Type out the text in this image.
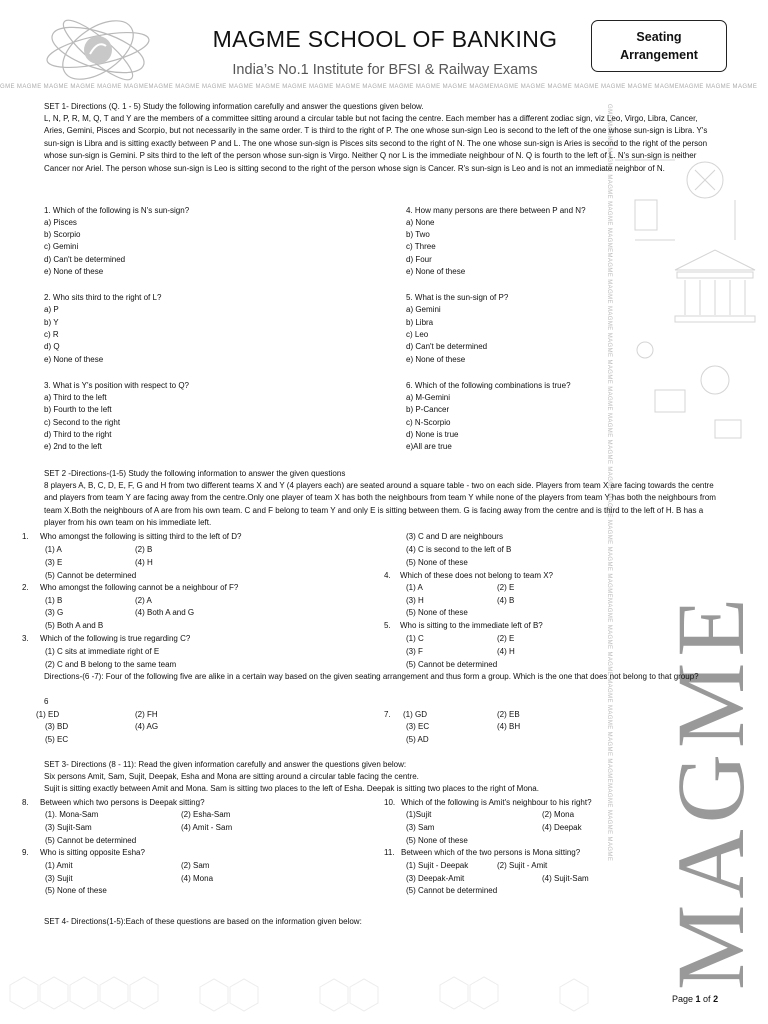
MAGME SCHOOL OF BANKING
India’s No.1 Institute for BFSI & Railway Exams
Seating
Arrangement
GME MAGME MAGME MAGME MAGME MAGMEMAGME MAGME MAGME MAGME MAGME MAGME MAGME MAGME MAGME MAGME MAGME MAGME MAGMEMAGME MAGME MAGME MAGME MAGME MAGME MAGMEMAGME MAGME MAGME
GME MAGME MAGME MAGME MAGME MAGMEMAGME MAGME MAGME MAGME MAGME MAGME MAGME MAGME MAGME MAGME MAGME MAGME MAGMEMAGME MAGME MAGME MAGME MAGME MAGME MAGMEMAGME MAGME MAGME MAGME
SET 1- Directions (Q. 1 - 5) Study the following information carefully and answer the questions given below.
L, N, P, R, M, Q, T and Y are the members of a committee sitting around a circular table but not facing the centre. Each member has a different zodiac sign, viz Leo, Virgo, Libra, Cancer, Aries, Gemini, Pisces and Scorpio, but not necessarily in the same order. T is third to the right of P. The one whose sun-sign Leo is second to the left of the one whose sun-sign is Libra. Y's sun-sign is Libra and is sitting exactly between P and L. The one whose sun-sign is Pisces sits second to the right of N. The one whose sun-sign is Aries is second to the right of the person whose sun-sign is Gemini. P sits third to the left of the person whose sun-sign is Virgo. Neither Q nor L is the immediate neighbour of N. Q is fourth to the left of L. N's sun-sign is neither Cancer nor Ariel. The person whose sun-sign is Leo is sitting second to the right of the person whose sign is Cancer. R's sun-sign is Leo and is not an immediate neighbor of N.
1. Which of the following is N's sun-sign?
a) Pisces
b) Scorpio
c) Gemini
d) Can't be determined
e) None of these
2. Who sits third to the right of L?
a) P
b) Y
c) R
d) Q
e) None of these
3. What is Y's position with respect to Q?
a) Third to the left
b) Fourth to the left
c) Second to the right
d) Third to the right
e) 2nd to the left
4. How many persons are there between P and N?
a) None
b) Two
c) Three
d) Four
e) None of these
5. What is the sun-sign of P?
a) Gemini
b) Libra
c) Leo
d) Can't be determined
e) None of these
6. Which of the following combinations is true?
a) M-Gemini
b) P-Cancer
c) N-Scorpio
d) None is true
e)All are true
SET 2 -Directions-(1-5) Study the following information to answer the given questions
8 players A, B, C, D, E, F, G and H from two different teams X and Y (4 players each) are seated around a square table - two on each side. Players from team X are facing towards the centre and players from team Y are facing away from the centre.Only one player of team X has both the neighbours from team Y while none of the players from team Y has both the neighbours from team X.Both the neighbours of A are from his own team. C and F belong to team Y and only E is sitting between them. G is facing away from the centre and is third to the left of H. B has a player from his own team on his immediate left.
1. Who amongst the following is sitting third to the left of D?
(1) A	(2) B
(3) E	(4) H
(5) Cannot be determined
2. Who amongst the following cannot be a neighbour of F?
(1) B	(2) A
(3) G	(4) Both A and G
(5) Both A and B
3. Which of the following is true regarding C?
(1) C sits at immediate right of E
(2) C and B belong to the same team
(3) C and D are neighbours
(4) C is second to the left of B
(5) None of these
4. Which of these does not belong to team X?
(1) A	(2) E
(3) H	(4) B
(5) None of these
5. Who is sitting to the immediate left of B?
(1) C	(2) E
(3) F	(4) H
(5) Cannot be determined
Directions-(6 -7): Four of the following five are alike in a certain way based on the given seating arrangement and thus form a group. Which is the one that does not belong to that group?
6
(1) ED	(2) FH
(3) BD	(4) AG
(5) EC
7. (1) GD	(2) EB
(3) EC	(4) BH
(5) AD
SET 3- Directions (8 - 11): Read the given information carefully and answer the questions given below:
Six persons Amit, Sam, Sujit, Deepak, Esha and Mona are sitting around a circular table facing the centre.
Sujit is sitting exactly between Amit and Mona. Sam is sitting two places to the left of Esha. Deepak is sitting two places to the right of Mona.
8. Between which two persons is Deepak sitting?
(1). Mona-Sam	(2) Esha-Sam
(3) Sujit-Sam	(4) Amit - Sam
(5) Cannot be determined
9. Who is sitting opposite Esha?
(1) Amit	(2) Sam
(3) Sujit	(4) Mona
(5) None of these
10. Which of the following is Amit's neighbour to his right?
(1)Sujit	(2) Mona
(3) Sam	(4) Deepak
(5) None of these
11. Between which of the two persons is Mona sitting?
(1) Sujit - Deepak	(2) Sujit - Amit
(3) Deepak-Amit	(4) Sujit-Sam
(5) Cannot be determined
SET 4- Directions(1-5):Each of these questions are based on the information given below:
Page 1 of 2
